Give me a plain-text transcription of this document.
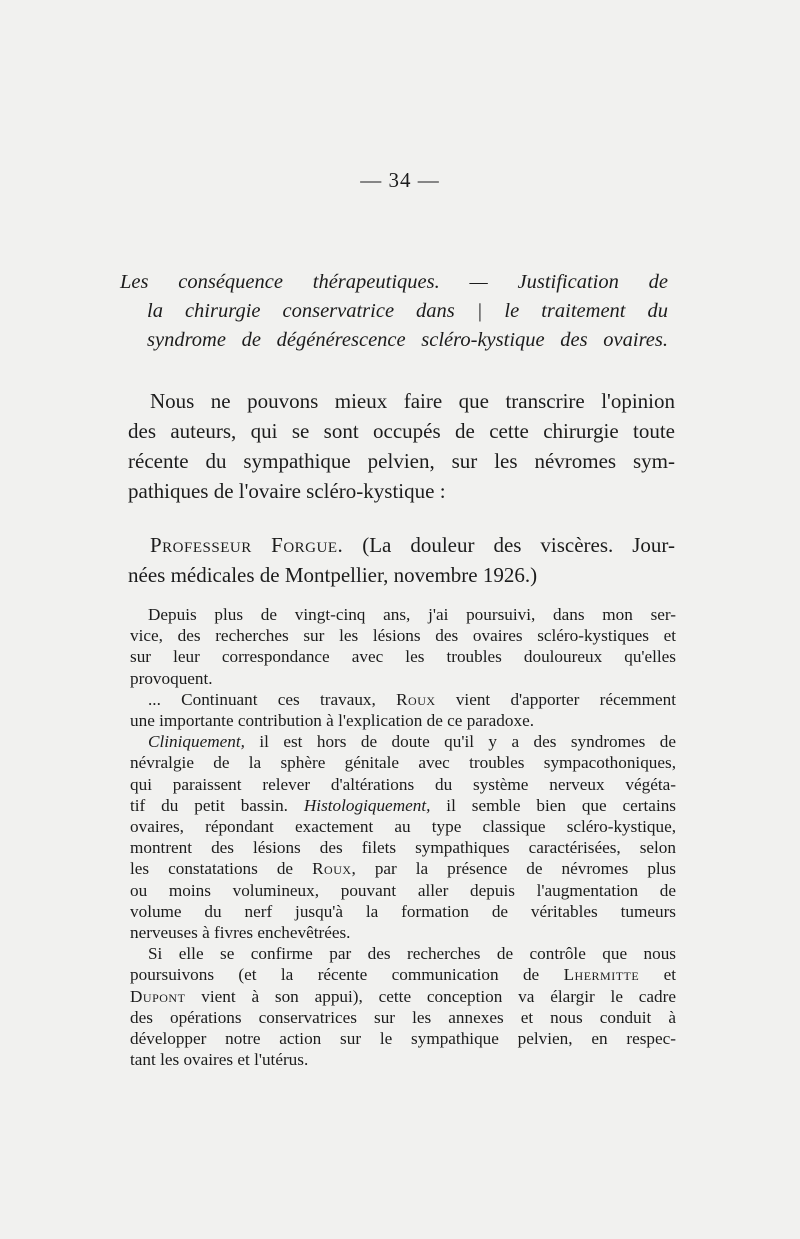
— 34 —
Les conséquence thérapeutiques. — Justification de
la chirurgie conservatrice dans | le traitement du
syndrome de dégénérescence scléro-kystique des ovaires.
Nous ne pouvons mieux faire que transcrire l'opinion
des auteurs, qui se sont occupés de cette chirurgie toute
récente du sympathique pelvien, sur les névromes sym-
pathiques de l'ovaire scléro-kystique :
Professeur Forgue. (La douleur des viscères. Jour-
nées médicales de Montpellier, novembre 1926.)
Depuis plus de vingt-cinq ans, j'ai poursuivi, dans mon ser-
vice, des recherches sur les lésions des ovaires scléro-kystiques et
sur leur correspondance avec les troubles douloureux qu'elles
provoquent.
... Continuant ces travaux, Roux vient d'apporter récemment
une importante contribution à l'explication de ce paradoxe.
Cliniquement, il est hors de doute qu'il y a des syndromes de
névralgie de la sphère génitale avec troubles sympacothoniques,
qui paraissent relever d'altérations du système nerveux végéta-
tif du petit bassin. Histologiquement, il semble bien que certains
ovaires, répondant exactement au type classique scléro-kystique,
montrent des lésions des filets sympathiques caractérisées, selon
les constatations de Roux, par la présence de névromes plus
ou moins volumineux, pouvant aller depuis l'augmentation de
volume du nerf jusqu'à la formation de véritables tumeurs
nerveuses à fivres enchevêtrées.
Si elle se confirme par des recherches de contrôle que nous
poursuivons (et la récente communication de Lhermitte et
Dupont vient à son appui), cette conception va élargir le cadre
des opérations conservatrices sur les annexes et nous conduit à
développer notre action sur le sympathique pelvien, en respec-
tant les ovaires et l'utérus.
